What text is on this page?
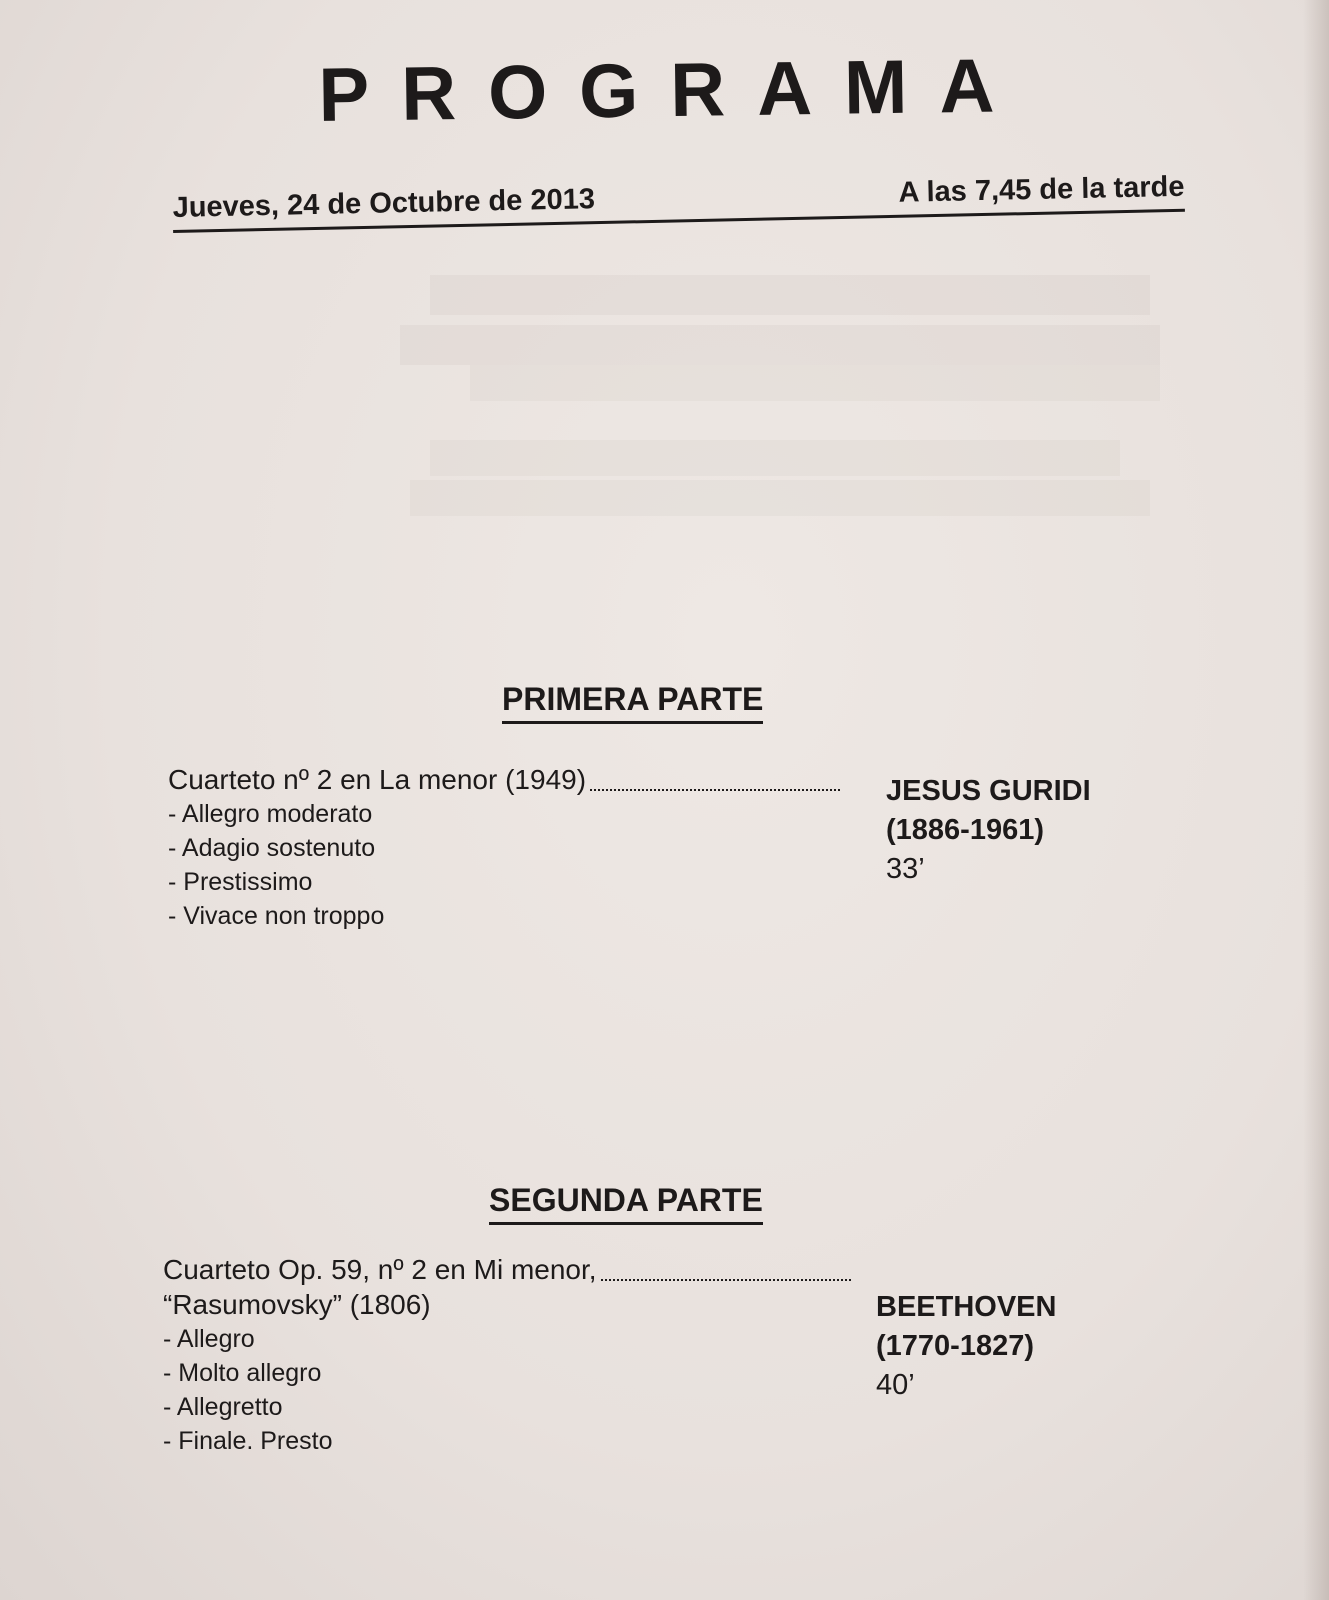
PROGRAMA
Jueves, 24 de Octubre de 2013	A las 7,45 de la tarde
PRIMERA PARTE
Cuarteto nº 2 en La menor (1949)
- Allegro moderato
- Adagio sostenuto
- Prestissimo
- Vivace non troppo
JESUS GURIDI
(1886-1961)
33’
SEGUNDA PARTE
Cuarteto Op. 59, nº 2 en Mi menor,
“Rasumovsky” (1806)
- Allegro
- Molto allegro
- Allegretto
- Finale. Presto
BEETHOVEN
(1770-1827)
40’
